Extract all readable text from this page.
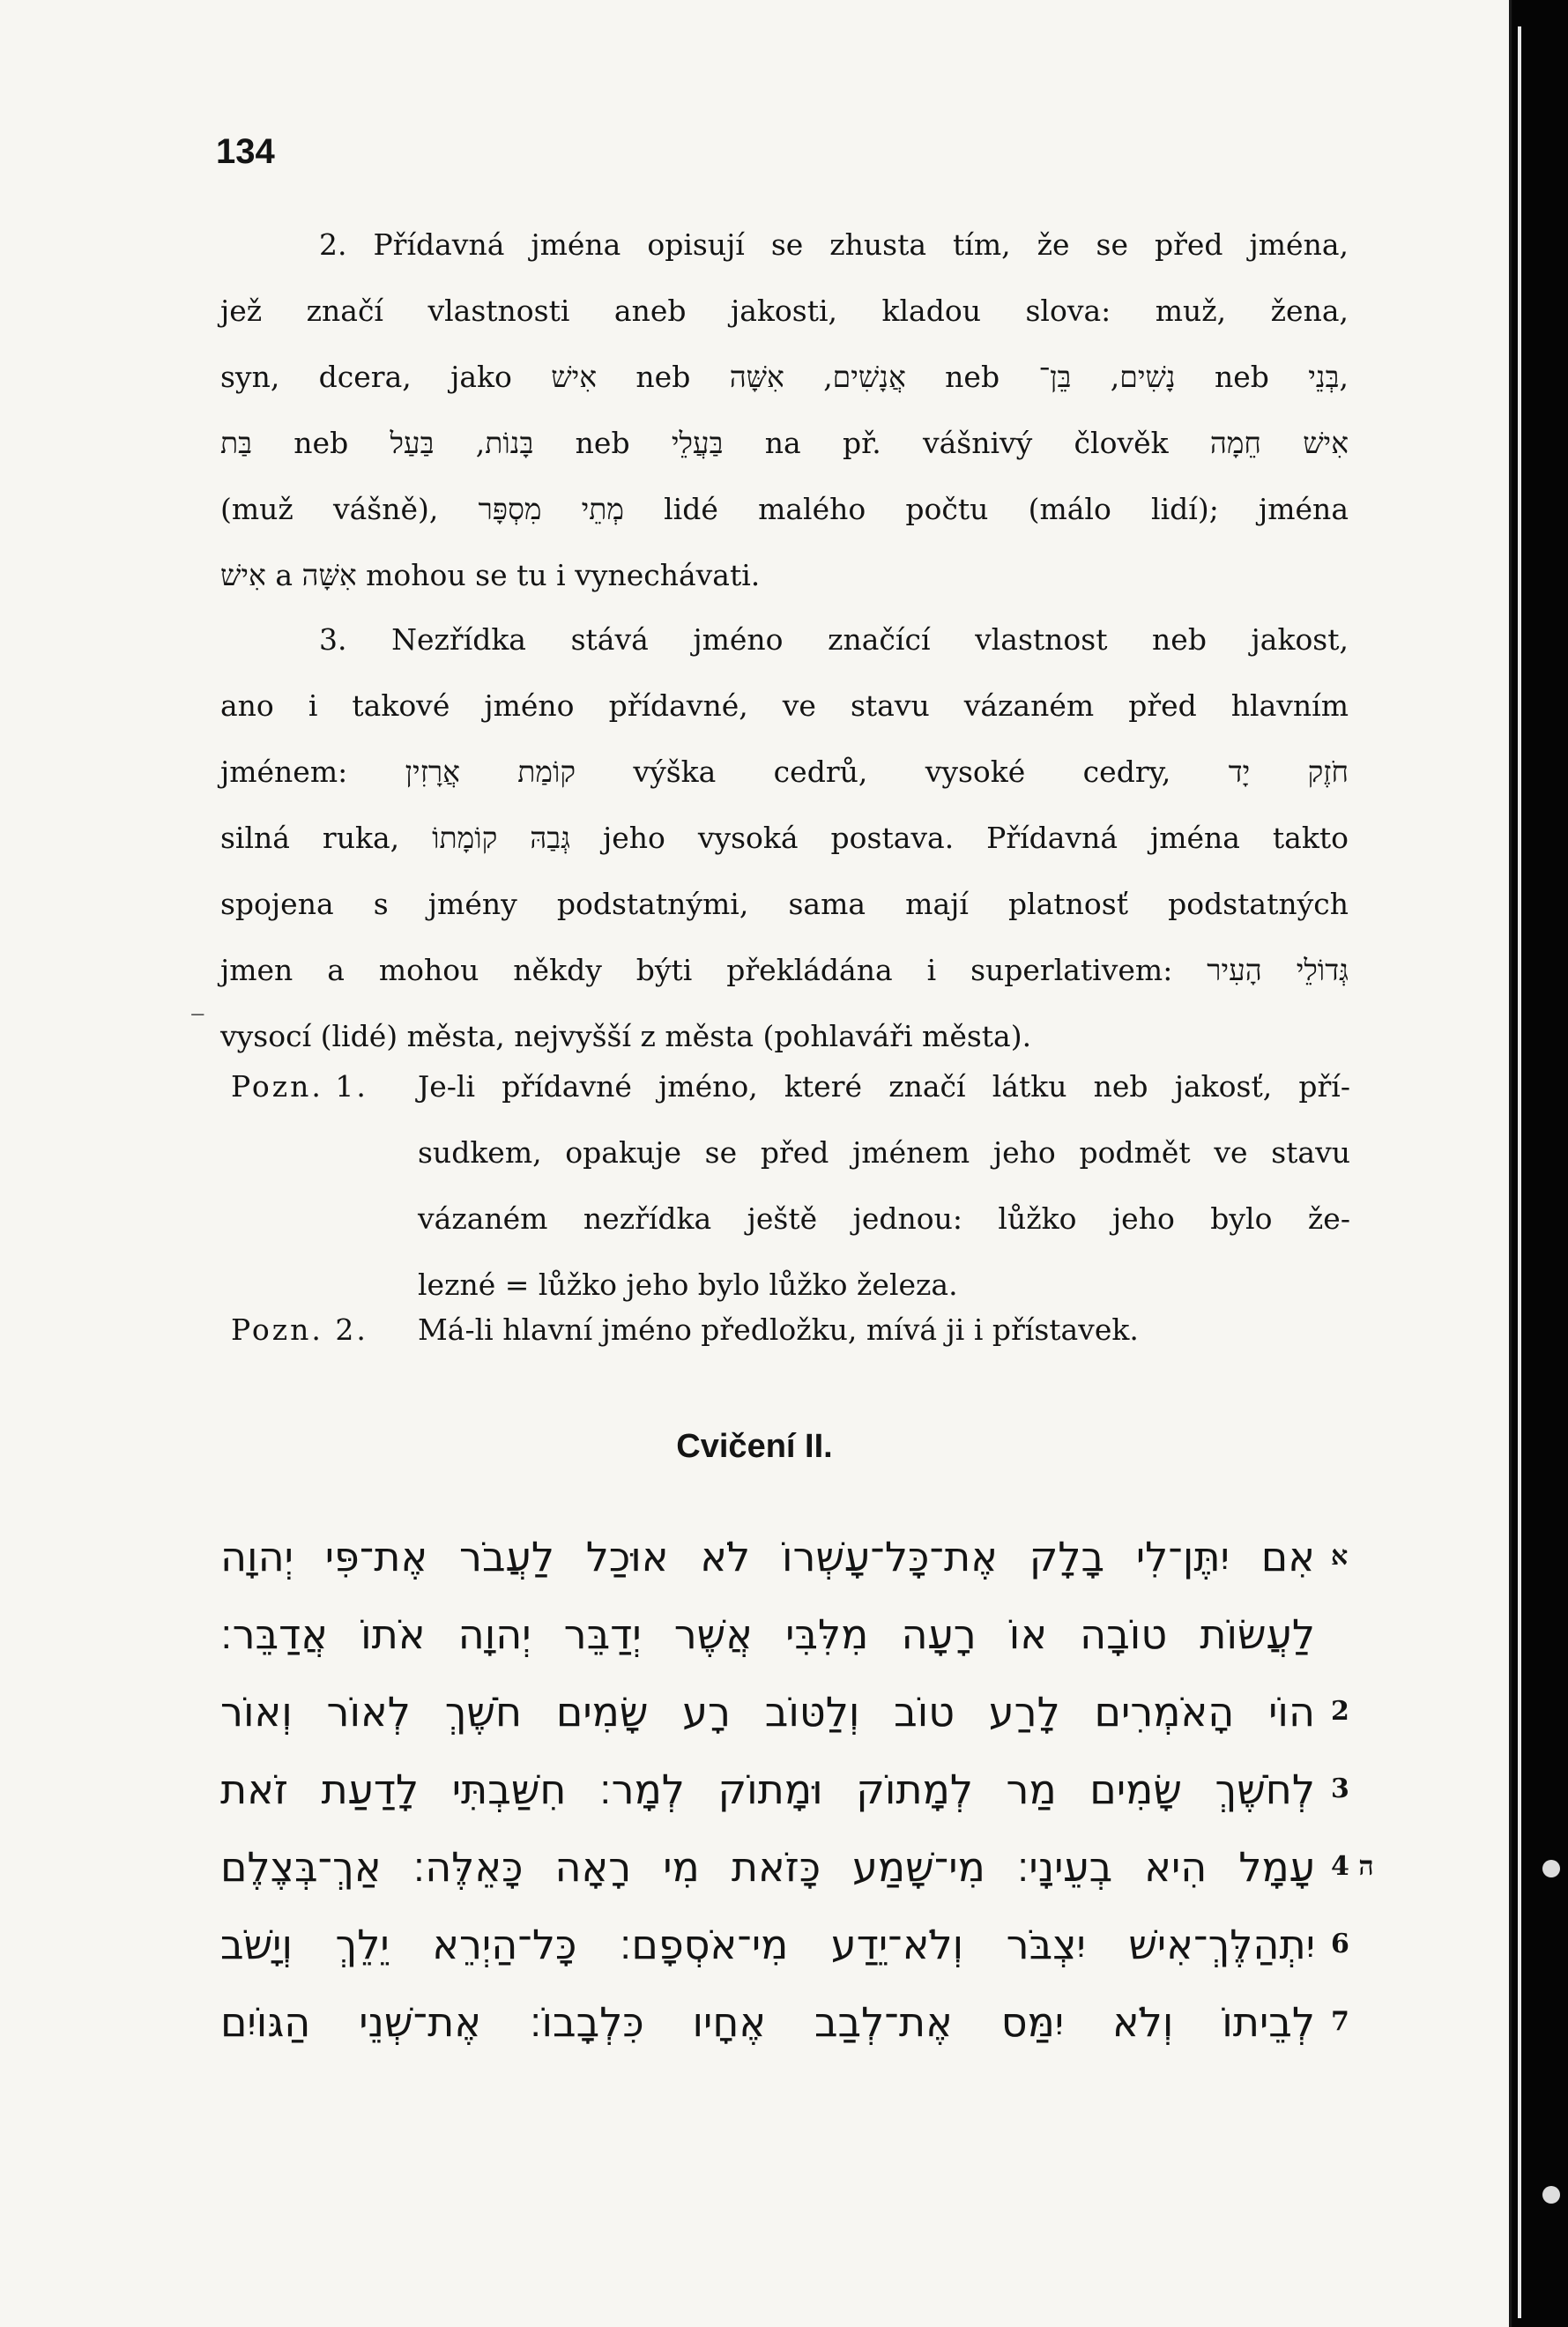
134
2. Přídavná jména opisují se zhusta tím, že se před jména,
jež značí vlastnosti aneb jakosti, kladou slova: muž, žena,
syn, dcera, jako אִישׁ neb אֲנָשִׁים, אִשָּׁה neb נָשִׁים, בֵּן־ neb בְּנֵי,
בַּת neb בָּנוֹת, בַּעַל neb בַּעֲלֵי na př. vášnivý člověk אִישׁ חֵמָה
(muž vášně), מְתֵי מִסְפָּר lidé malého počtu (málo lidí); jména
אִישׁ a אִשָּׁה mohou se tu i vynechávati.
3. Nezřídka stává jméno značící vlastnost neb jakost,
ano i takové jméno přídavné, ve stavu vázaném před hlavním
jménem: קוֹמַת אֲרָזִין výška cedrů, vysoké cedry, חֹזֶק יָד
silná ruka, גְּבַהּ קוֹמָתוֹ jeho vysoká postava. Přídavná jména takto
spojena s jmény podstatnými, sama mají platnosť podstatných
jmen a mohou někdy býti překládána i superlativem: גְּדוֹלֵי הָעִיר
vysocí (lidé) města, nejvyšší z města (pohlaváři města).
‒
Pozn. 1. Je-li přídavné jméno, které značí látku neb jakosť, pří-
sudkem, opakuje se před jménem jeho podmět ve stavu
vázaném nezřídka ještě jednou: lůžko jeho bylo že-
lezné = lůžko jeho bylo lůžko železa.
Pozn. 2. Má-li hlavní jméno předložku, mívá ji i přístavek.
Cvičení II.
א
אִם יִתֶּן־לִי בָלָק אֶת־כָּל־עָשְׁרוֹ לֹא אוּכַל לַעֲבֹר אֶת־פִּי יְהוָה
לַעֲשׂוֹת טוֹבָה אוֹ רָעָה מִלִּבִּי אֲשֶׁר יְדַבֵּר יְהוָה אֹתוֹ אֲדַבֵּר׃
2
הוֹי הָאֹמְרִים לָרַע טוֹב וְלַטּוֹב רָע שָׂמִים חֹשֶׁךְ לְאוֹר וְאוֹר
3
לְחֹשֶׁךְ שָׂמִים מַר לְמָתוֹק וּמָתוֹק לְמָר׃ חִשַּׁבְתִּי לָדַעַת זֹאת
4 ה
עָמָל הִיא בְעֵינָי׃ מִי־שָׁמַע כָּזֹאת מִי רָאָה כָּאֵלֶּה׃ אַךְ־בְּצֶלֶם
6
יִתְהַלֶּךְ־אִישׁ יִצְבֹּר וְלֹא־יֵדַע מִי־אֹסְפָם׃ כָּל־הַיְרֵא יֵלֵךְ וְיָשֹׁב
7
לְבֵיתוֹ וְלֹא יִמַּס אֶת־לְבַב אֶחָיו כִּלְבָבוֹ׃ אֶת־שְׁנֵי הַגּוֹיִם
